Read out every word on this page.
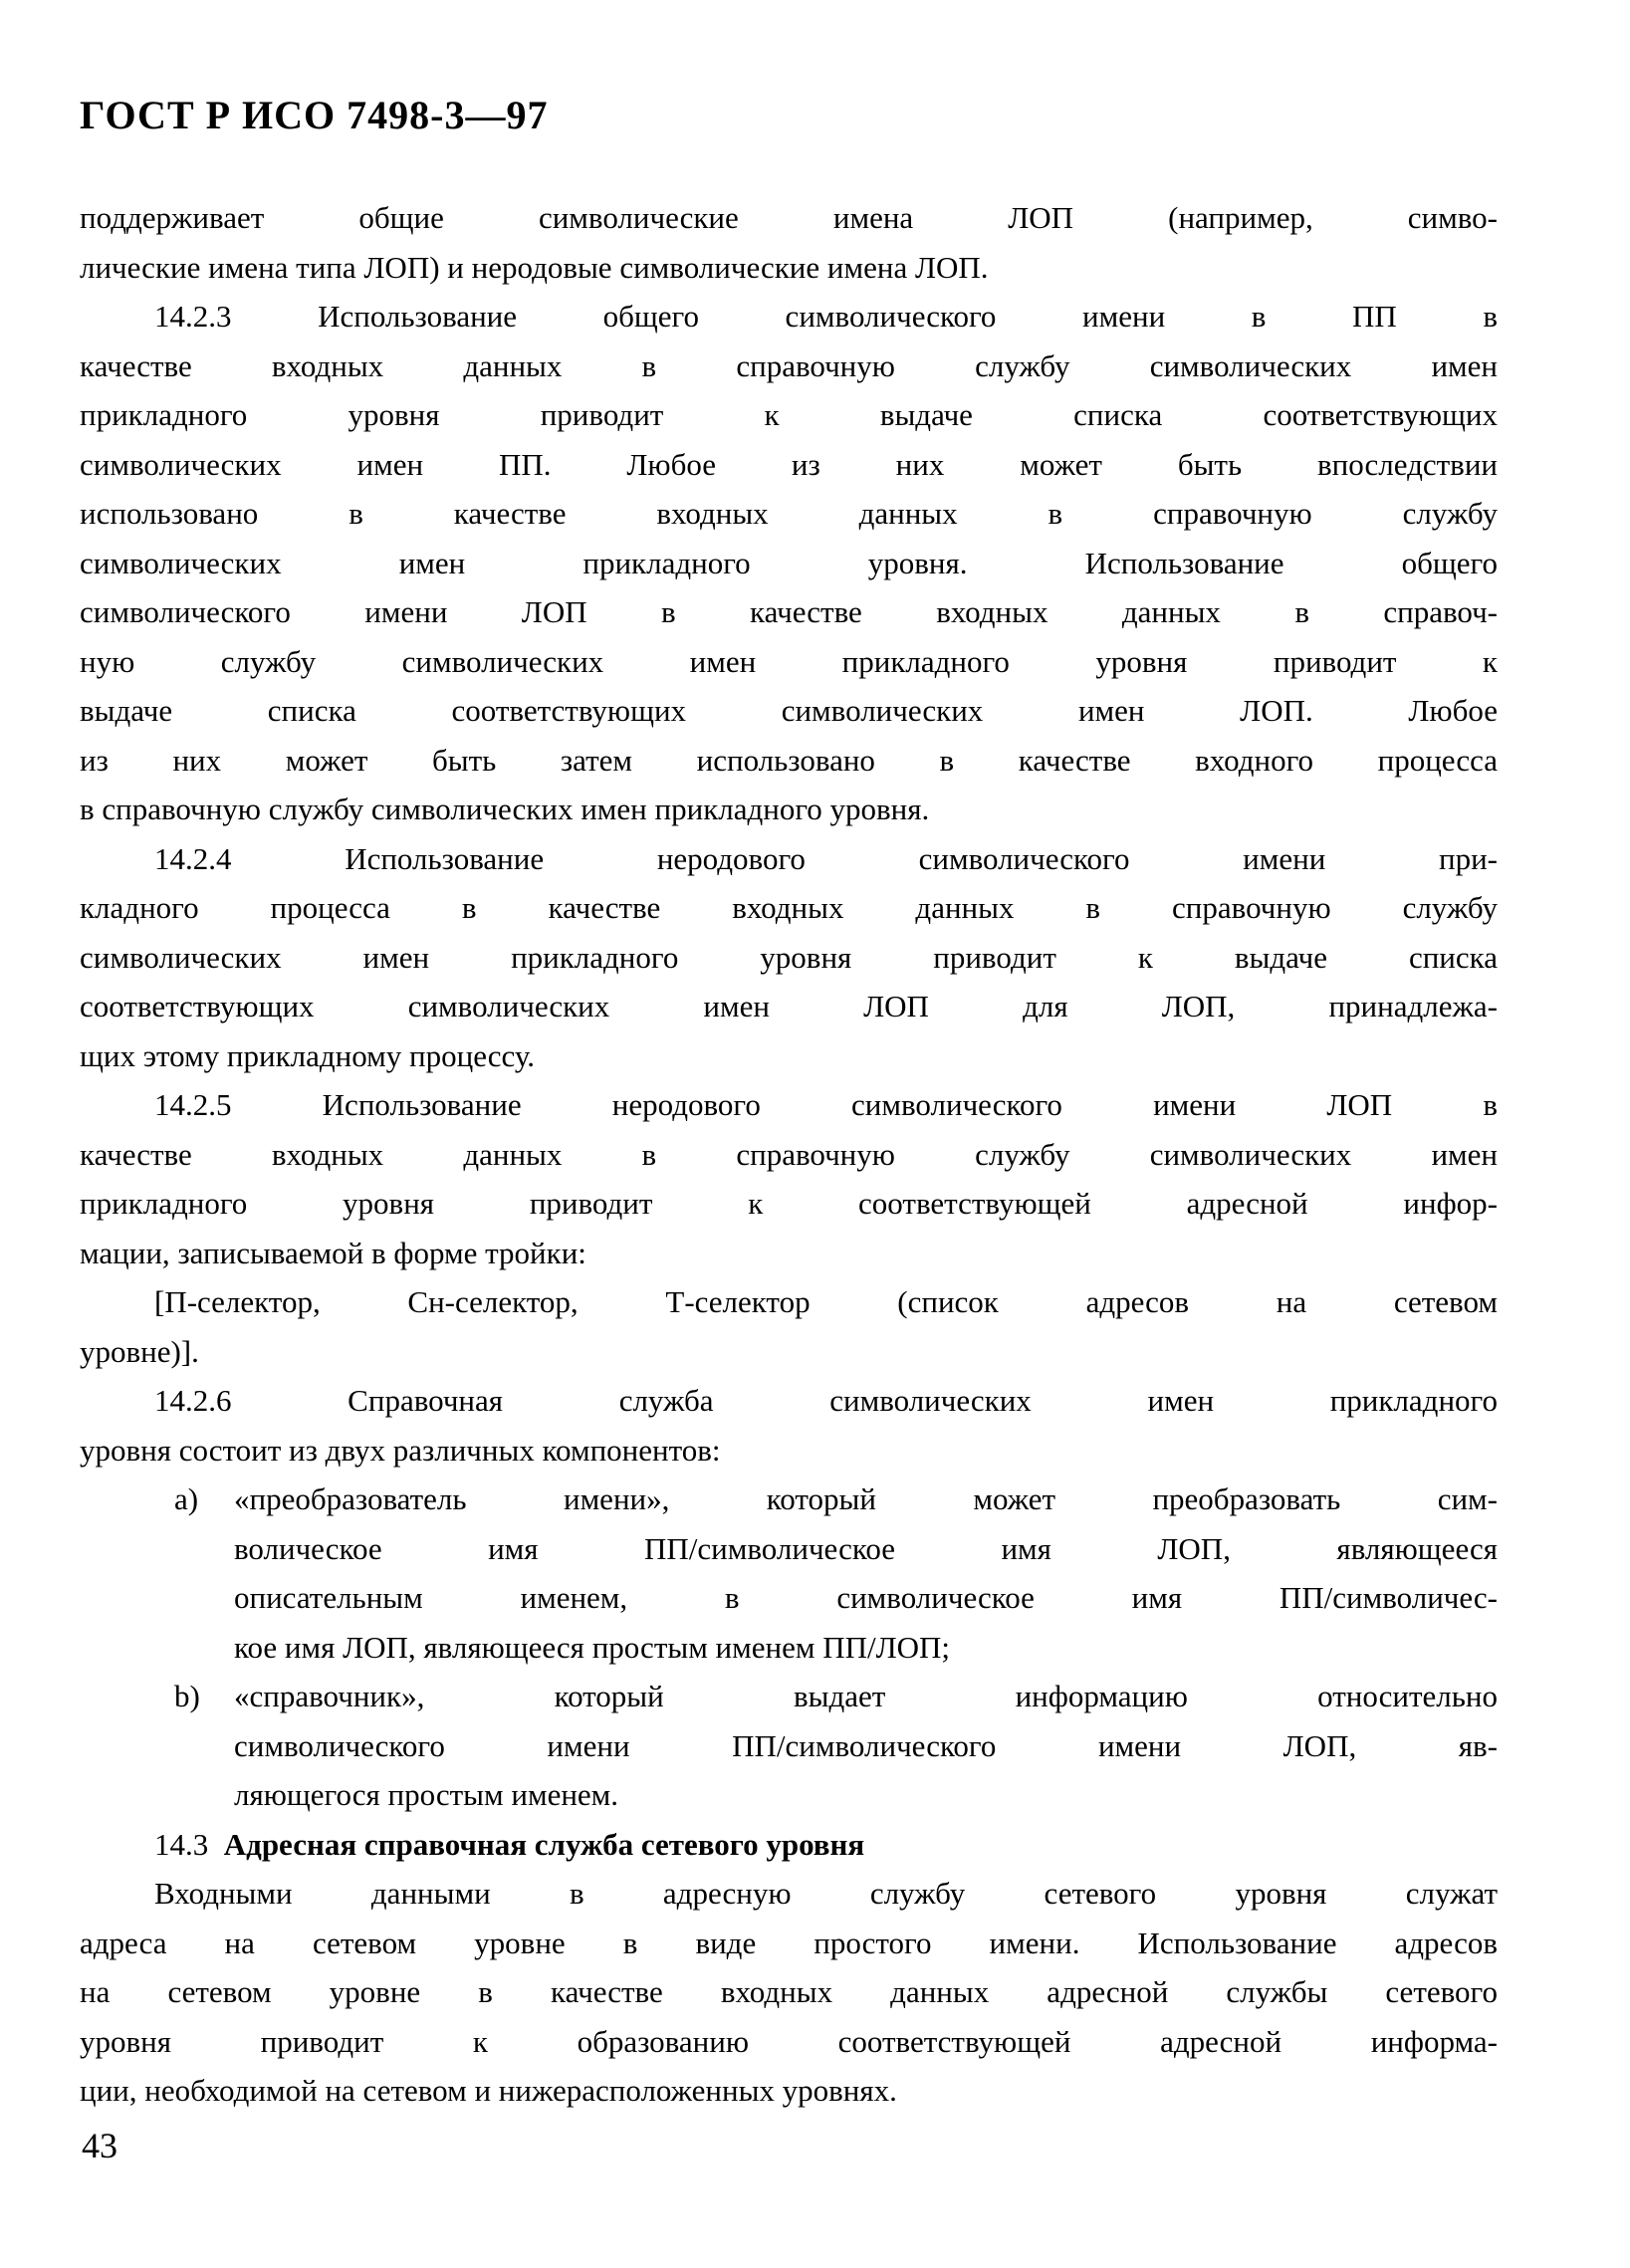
ГОСТ Р ИСО 7498-3—97
поддерживает общие символические имена ЛОП (например, симво-
лические имена типа ЛОП) и неродовые символические имена ЛОП.
14.2.3 Использование общего символического имени в ПП в
качестве входных данных в справочную службу символических имен
прикладного уровня приводит к выдаче списка соответствующих
символических имен ПП. Любое из них может быть впоследствии
использовано в качестве входных данных в справочную службу
символических имен прикладного уровня. Использование общего
символического имени ЛОП в качестве входных данных в справоч-
ную службу символических имен прикладного уровня приводит к
выдаче списка соответствующих символических имен ЛОП. Любое
из них может быть затем использовано в качестве входного процесса
в справочную службу символических имен прикладного уровня.
14.2.4 Использование неродового символического имени при-
кладного процесса в качестве входных данных в справочную службу
символических имен прикладного уровня приводит к выдаче списка
соответствующих символических имен ЛОП для ЛОП, принадлежа-
щих этому прикладному процессу.
14.2.5 Использование неродового символического имени ЛОП в
качестве входных данных в справочную службу символических имен
прикладного уровня приводит к соответствующей адресной инфор-
мации, записываемой в форме тройки:
[П-селектор, Сн-селектор, Т-селектор (список адресов на сетевом
уровне)].
14.2.6 Справочная служба символических имен прикладного
уровня состоит из двух различных компонентов:
a) «преобразователь имени», который может преобразовать сим-
волическое имя ПП/символическое имя ЛОП, являющееся
описательным именем, в символическое имя ПП/символичес-
кое имя ЛОП, являющееся простым именем ПП/ЛОП;
b) «справочник», который выдает информацию относительно
символического имени ПП/символического имени ЛОП, яв-
ляющегося простым именем.
14.3 Адресная справочная служба сетевого уровня
Входными данными в адресную службу сетевого уровня служат
адреса на сетевом уровне в виде простого имени. Использование адресов
на сетевом уровне в качестве входных данных адресной службы сетевого
уровня приводит к образованию соответствующей адресной информа-
ции, необходимой на сетевом и нижерасположенных уровнях.
43
